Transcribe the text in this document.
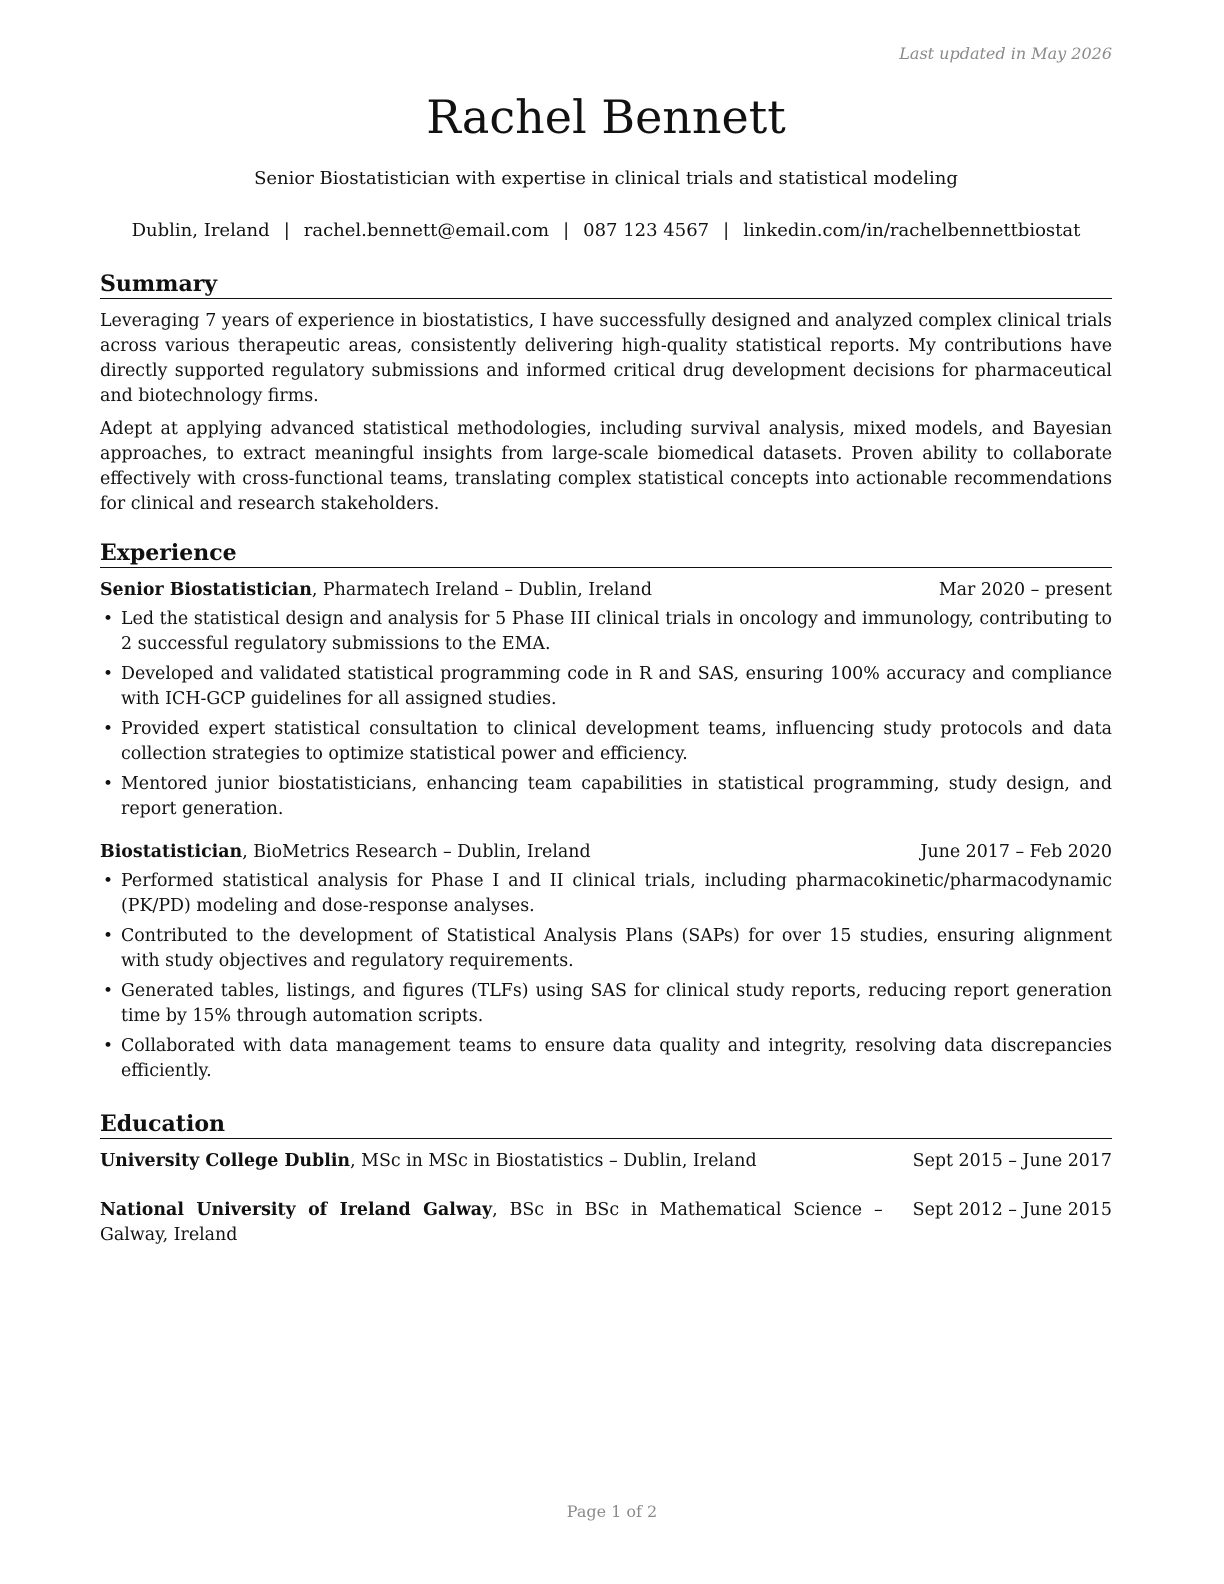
Last updated in May 2026
Rachel Bennett
Senior Biostatistician with expertise in clinical trials and statistical modeling
Dublin, Ireland | rachel.bennett@email.com | 087 123 4567 | linkedin.com/in/rachelbennettbiostat
Summary

Leveraging 7 years of experience in biostatistics, I have successfully designed and analyzed complex clinical trials across various therapeutic areas, consistently delivering high-quality statistical reports. My contributions have directly supported regulatory submissions and informed critical drug development decisions for pharmaceutical and biotechnology firms.

Adept at applying advanced statistical methodologies, including survival analysis, mixed models, and Bayesian approaches, to extract meaningful insights from large-scale biomedical datasets. Proven ability to collaborate effectively with cross-functional teams, translating complex statistical concepts into actionable recommendations for clinical and research stakeholders.

Experience
Senior Biostatistician, Pharmatech Ireland – Dublin, Ireland	Mar 2020 – present
• Led the statistical design and analysis for 5 Phase III clinical trials in oncology and immunology, contributing to 2 successful regulatory submissions to the EMA.
• Developed and validated statistical programming code in R and SAS, ensuring 100% accuracy and compliance with ICH-GCP guidelines for all assigned studies.
• Provided expert statistical consultation to clinical development teams, influencing study protocols and data collection strategies to optimize statistical power and efficiency.
• Mentored junior biostatisticians, enhancing team capabilities in statistical programming, study design, and report generation.
Biostatistician, BioMetrics Research – Dublin, Ireland	June 2017 – Feb 2020
• Performed statistical analysis for Phase I and II clinical trials, including pharmacokinetic/pharmacodynamic (PK/​PD) modeling and dose-response analyses.
• Contributed to the development of Statistical Analysis Plans (SAPs) for over 15 studies, ensuring alignment with study objectives and regulatory requirements.
• Generated tables, listings, and figures (TLFs) using SAS for clinical study reports, reducing report generation time by 15% through automation scripts.
• Collaborated with data management teams to ensure data quality and integrity, resolving data discrepancies efficiently.
Education
University College Dublin, MSc in MSc in Biostatistics – Dublin, Ireland	Sept 2015 – June 2017
National University of Ireland Galway, BSc in BSc in Mathematical Science – Galway, Ireland
Sept 2012 – June 2015
Page 1 of 2
